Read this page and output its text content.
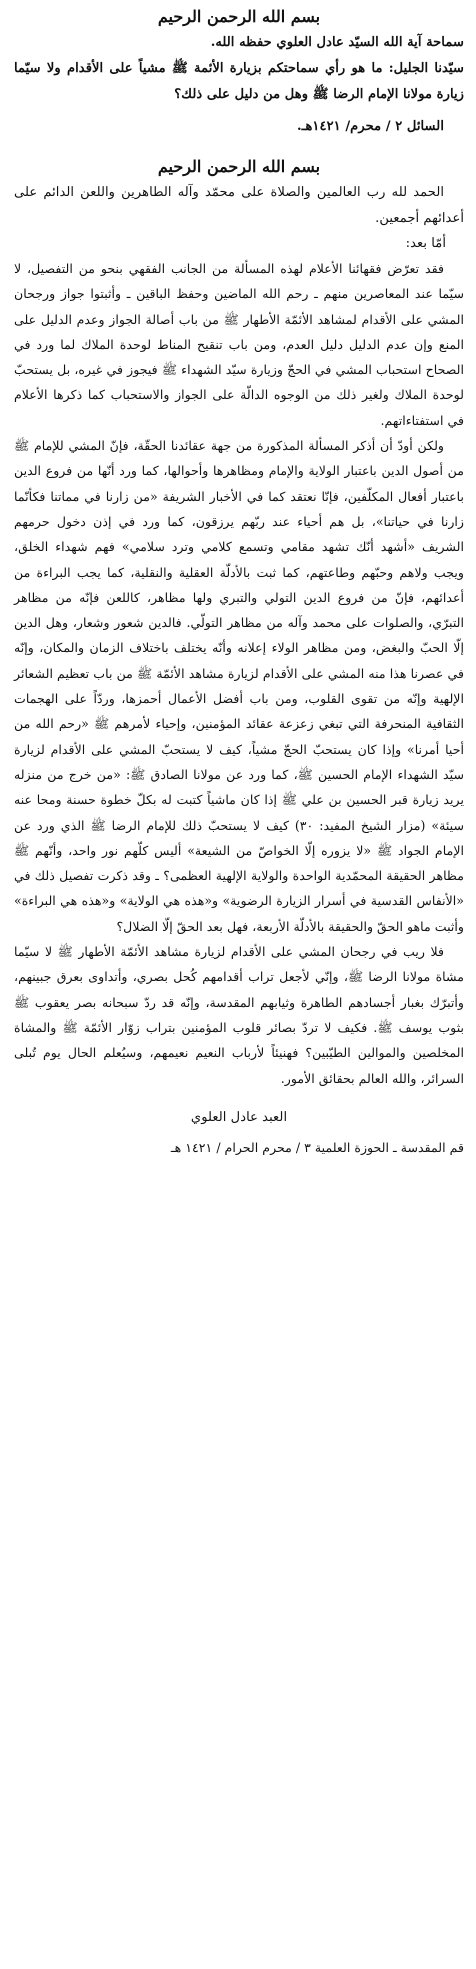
بسم الله الرحمن الرحيم

سماحة آية الله السيّد عادل العلوي حفظه الله.

سيّدنا الجليل: ما هو رأي سماحتكم بزيارة الأئمة ﷺ مشياً على الأقدام ولا سيّما زيارة مولانا الإمام الرضا ﷺ وهل من دليل على ذلك؟

السائل ٢ / محرم/ ١٤٢١هـ.

بسم الله الرحمن الرحيم

الحمد لله رب العالمين والصلاة على محمّد وآله الطاهرين واللعن الدائم على أعدائهم أجمعين.

أمّا بعد:

فقد تعرّض فقهائنا الأعلام لهذه المسألة من الجانب الفقهي بنحو من التفصيل، لا سيّما عند المعاصرين منهم ـ رحم الله الماضين وحفظ الباقين ـ وأثبتوا جواز ورجحان المشي على الأقدام لمشاهد الأئمّة الأطهار ﷺ من باب أصالة الجواز وعدم الدليل على المنع وإن عدم الدليل دليل العدم، ومن باب تنقيح المناط لوحدة الملاك لما ورد في الصحاح استحباب المشي في الحجّ وزيارة سيّد الشهداء ﷺ فيجوز في غيره، بل يستحبّ لوحدة الملاك ولغير ذلك من الوجوه الدالّة على الجواز والاستحباب كما ذكرها الأعلام في استفتاءاتهم.

ولكن أودّ أن أذكر المسألة المذكورة من جهة عقائدنا الحقّة، فإنّ المشي للإمام ﷺ من أصول الدين باعتبار الولاية والإمام ومظاهرها وأحوالها، كما ورد أنّها من فروع الدين باعتبار أفعال المكلّفين، فإنّا نعتقد كما في الأخبار الشريفة «من زارنا في مماتنا فكأنّما زارنا في حياتنا»، بل هم أحياء عند ربّهم يرزقون، كما ورد في إذن دخول حرمهم الشريف «أشهد أنّك تشهد مقامي وتسمع كلامي وترد سلامي» فهم شهداء الخلق، ويجب ولاهم وحبّهم وطاعتهم، كما ثبت بالأدلّة العقلية والنقلية، كما يجب البراءة من أعدائهم، فإنّ من فروع الدين التولي والتبري ولها مظاهر، كاللعن فإنّه من مظاهر التبرّي، والصلوات على محمد وآله من مظاهر التولّي. فالدين شعور وشعار، وهل الدين إلّا الحبّ والبغض، ومن مظاهر الولاء إعلانه وأنّه يختلف باختلاف الزمان والمكان، وإنّه في عصرنا هذا منه المشي على الأقدام لزيارة مشاهد الأئمّة ﷺ من باب تعظيم الشعائر الإلهية وإنّه من تقوى القلوب، ومن باب أفضل الأعمال أحمزها، وردّاً على الهجمات الثقافية المنحرفة التي تبغي زعزعة عقائد المؤمنين، وإحياء لأمرهم ﷺ «رحم الله من أحيا أمرنا» وإذا كان يستحبّ الحجّ مشياً، كيف لا يستحبّ المشي على الأقدام لزيارة سيّد الشهداء الإمام الحسين ﷺ، كما ورد عن مولانا الصادق ﷺ: «من خرج من منزله يريد زيارة قبر الحسين بن علي ﷺ إذا كان ماشياً كتبت له بكلّ خطوة حسنة ومحا عنه سيئة» (مزار الشيخ المفيد: ٣٠) كيف لا يستحبّ ذلك للإمام الرضا ﷺ الذي ورد عن الإمام الجواد ﷺ «لا يزوره إلّا الخواصّ من الشيعة» أليس كلّهم نور واحد، وأنّهم ﷺ مظاهر الحقيقة المحمّدية الواحدة والولاية الإلهية العظمى؟ ـ وقد ذكرت تفصيل ذلك في «الأنفاس القدسية في أسرار الزيارة الرضوية» و«هذه هي الولاية» و«هذه هي البراءة» وأثبت ماهو الحقّ والحقيقة بالأدلّة الأربعة، فهل بعد الحقّ إلّا الضلال؟

فلا ريب في رجحان المشي على الأقدام لزيارة مشاهد الأئمّة الأطهار ﷺ لا سيّما مشاة مولانا الرضا ﷺ، وإنّي لأجعل تراب أقدامهم كُحل بصري، وأتداوى بعرق جبينهم، وأتبرّك بغبار أجسادهم الطاهرة وثيابهم المقدسة، وإنّه قد ردّ سبحانه بصر يعقوب ﷺ بثوب يوسف ﷺ. فكيف لا تردّ بصائر قلوب المؤمنين بتراب زوّار الأئمّة ﷺ والمشاة المخلصين والموالين الطيّبين؟ فهنيئاً لأرباب النعيم نعيمهم، وسيُعلم الحال يوم تُبلى السرائر، والله العالم بحقائق الأمور.

العبد عادل العلوي

قم المقدسة ـ الحوزة العلمية ٣ / محرم الحرام / ١٤٢١ هـ
